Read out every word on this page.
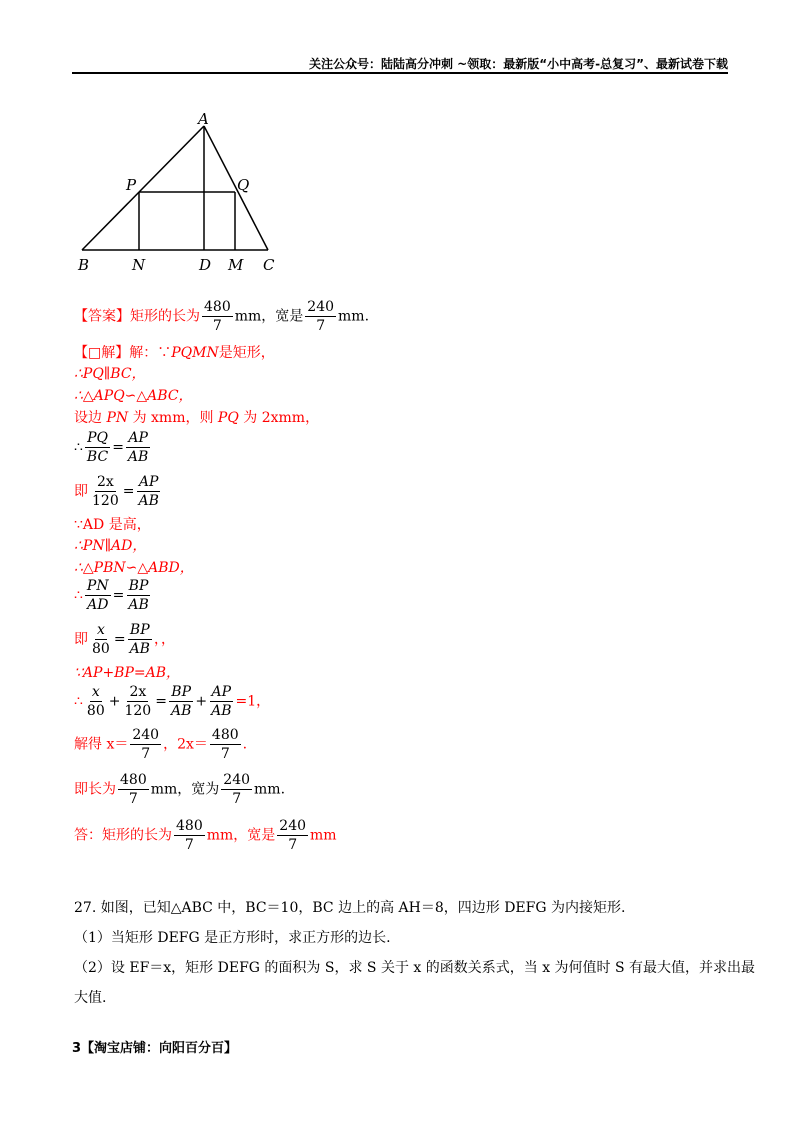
关注公众号：陆陆高分冲刺 ~领取：最新版“小中高考-总复习”、最新试卷下载
A
P	Q
B	N	D M C
【答案】矩形的长为 $\frac{480}{7}$ mm，宽是 $\frac{240}{7}$ mm.
【□解】解：∵PQMN是矩形，
∴PQ∥BC，
∴△APQ∽△ABC，
设边 PN 为 xmm，则 PQ 为 2xmm，
∴ $\frac{PQ}{BC} = \frac{AP}{AB}$
即 $\frac{2x}{120} = \frac{AP}{AB}$
∵AD 是高，
∴PN∥AD，
∴△PBN∽△ABD，
∴ $\frac{PN}{AD} = \frac{BP}{AB}$
即 $\frac{x}{80} = \frac{BP}{AB}$ ，，
∵AP+BP=AB，
∴ $\frac{x}{80} + \frac{2x}{120} = \frac{BP}{AB} + \frac{AP}{AB} =1$，
解得 $x= \frac{240}{7}$ ，$2x= \frac{480}{7}$ .
即长为 $\frac{480}{7}$ mm，宽为 $\frac{240}{7}$ mm.
答：矩形的长为 $\frac{480}{7}$ mm，宽是 $\frac{240}{7}$ mm
27. 如图，已知△ABC 中，BC＝10，BC 边上的高 AH＝8，四边形 DEFG 为内接矩形.
（1）当矩形 DEFG 是正方形时，求正方形的边长.
（2）设 EF＝x，矩形 DEFG 的面积为 S，求 S 关于 x 的函数关系式，当 x 为何值时 S 有最大值，并求出最
大值.
3【淘宝店铺：向阳百分百】
